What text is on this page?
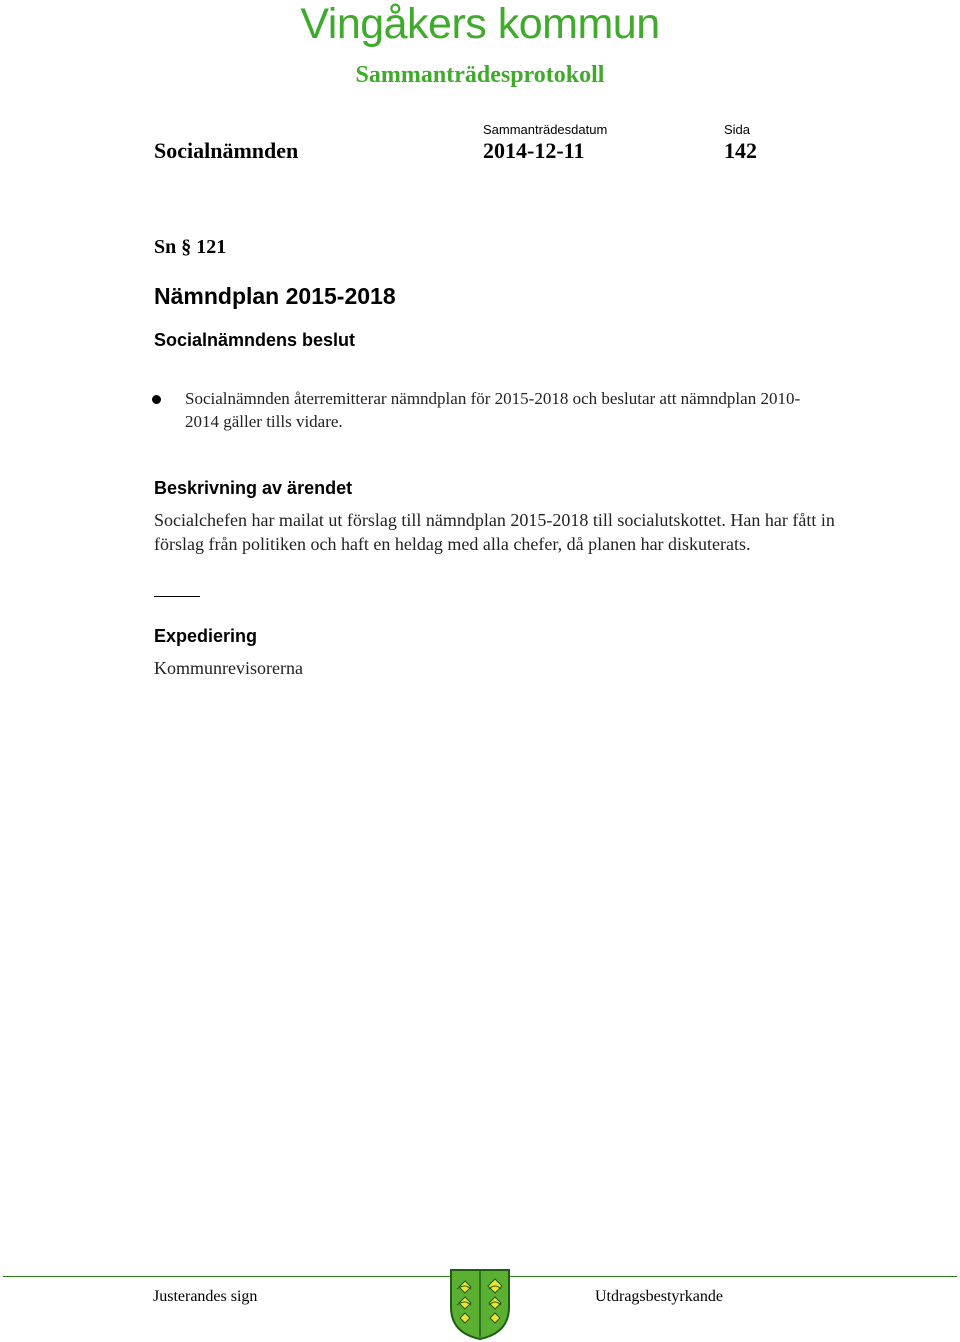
Vingåkers kommun
Sammanträdesprotokoll
Sammanträdesdatum	Sida
Socialnämnden	2014-12-11	142
Sn § 121
Nämndplan 2015-2018
Socialnämndens beslut
Socialnämnden återremitterar nämndplan för 2015-2018 och beslutar att nämndplan 2010-2014 gäller tills vidare.
Beskrivning av ärendet
Socialchefen har mailat ut förslag till nämndplan 2015-2018 till socialutskottet. Han har fått in förslag från politiken och haft en heldag med alla chefer, då planen har diskuterats.
Expediering
Kommunrevisorerna
Justerandes sign	Utdragsbestyrkande
